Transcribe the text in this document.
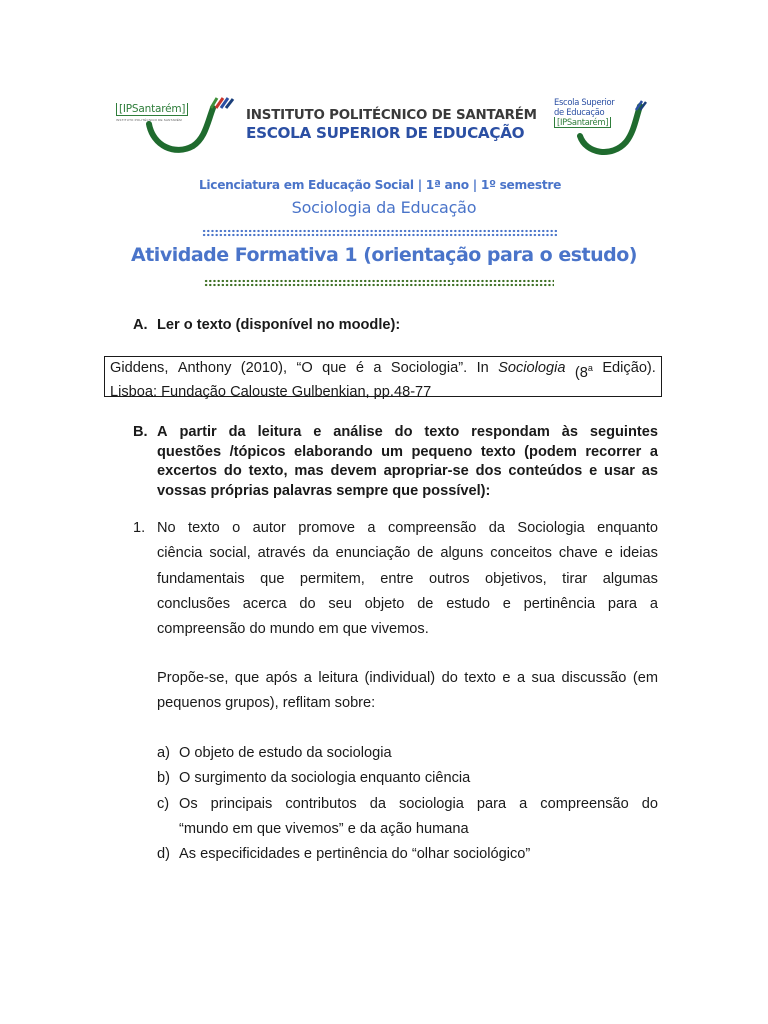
[IPSantarém]
INSTITUTO POLITÉCNICO DE SANTARÉM	INSTITUTO POLITÉCNICO DE SANTARÉM
ESCOLA SUPERIOR DE EDUCAÇÃO
Escola Superior
de Educação
[IPSantarém]
Licenciatura em Educação Social | 1ª ano | 1º semestre
Sociologia da Educação
Atividade Formativa 1 (orientação para o estudo)
A. Ler o texto (disponível no moodle):
Giddens, Anthony (2010), “O que é a Sociologia”. In Sociologia (8$^a$ Edição).
Lisboa: Fundação Calouste Gulbenkian, pp.48-77
B. A partir da leitura e análise do texto respondam às seguintes
questões /tópicos elaborando um pequeno texto (podem recorrer a
excertos do texto, mas devem apropriar-se dos conteúdos e usar as
vossas próprias palavras sempre que possível):
1. No texto o autor promove a compreensão da Sociologia enquanto
ciência social, através da enunciação de alguns conceitos chave e ideias
fundamentais que permitem, entre outros objetivos, tirar algumas
conclusões acerca do seu objeto de estudo e pertinência para a
compreensão do mundo em que vivemos.
Propõe-se, que após a leitura (individual) do texto e a sua discussão (em
pequenos grupos), reflitam sobre:
a) O objeto de estudo da sociologia
b) O surgimento da sociologia enquanto ciência
c) Os principais contributos da sociologia para a compreensão do
“mundo em que vivemos” e da ação humana
d) As especificidades e pertinência do “olhar sociológico”
